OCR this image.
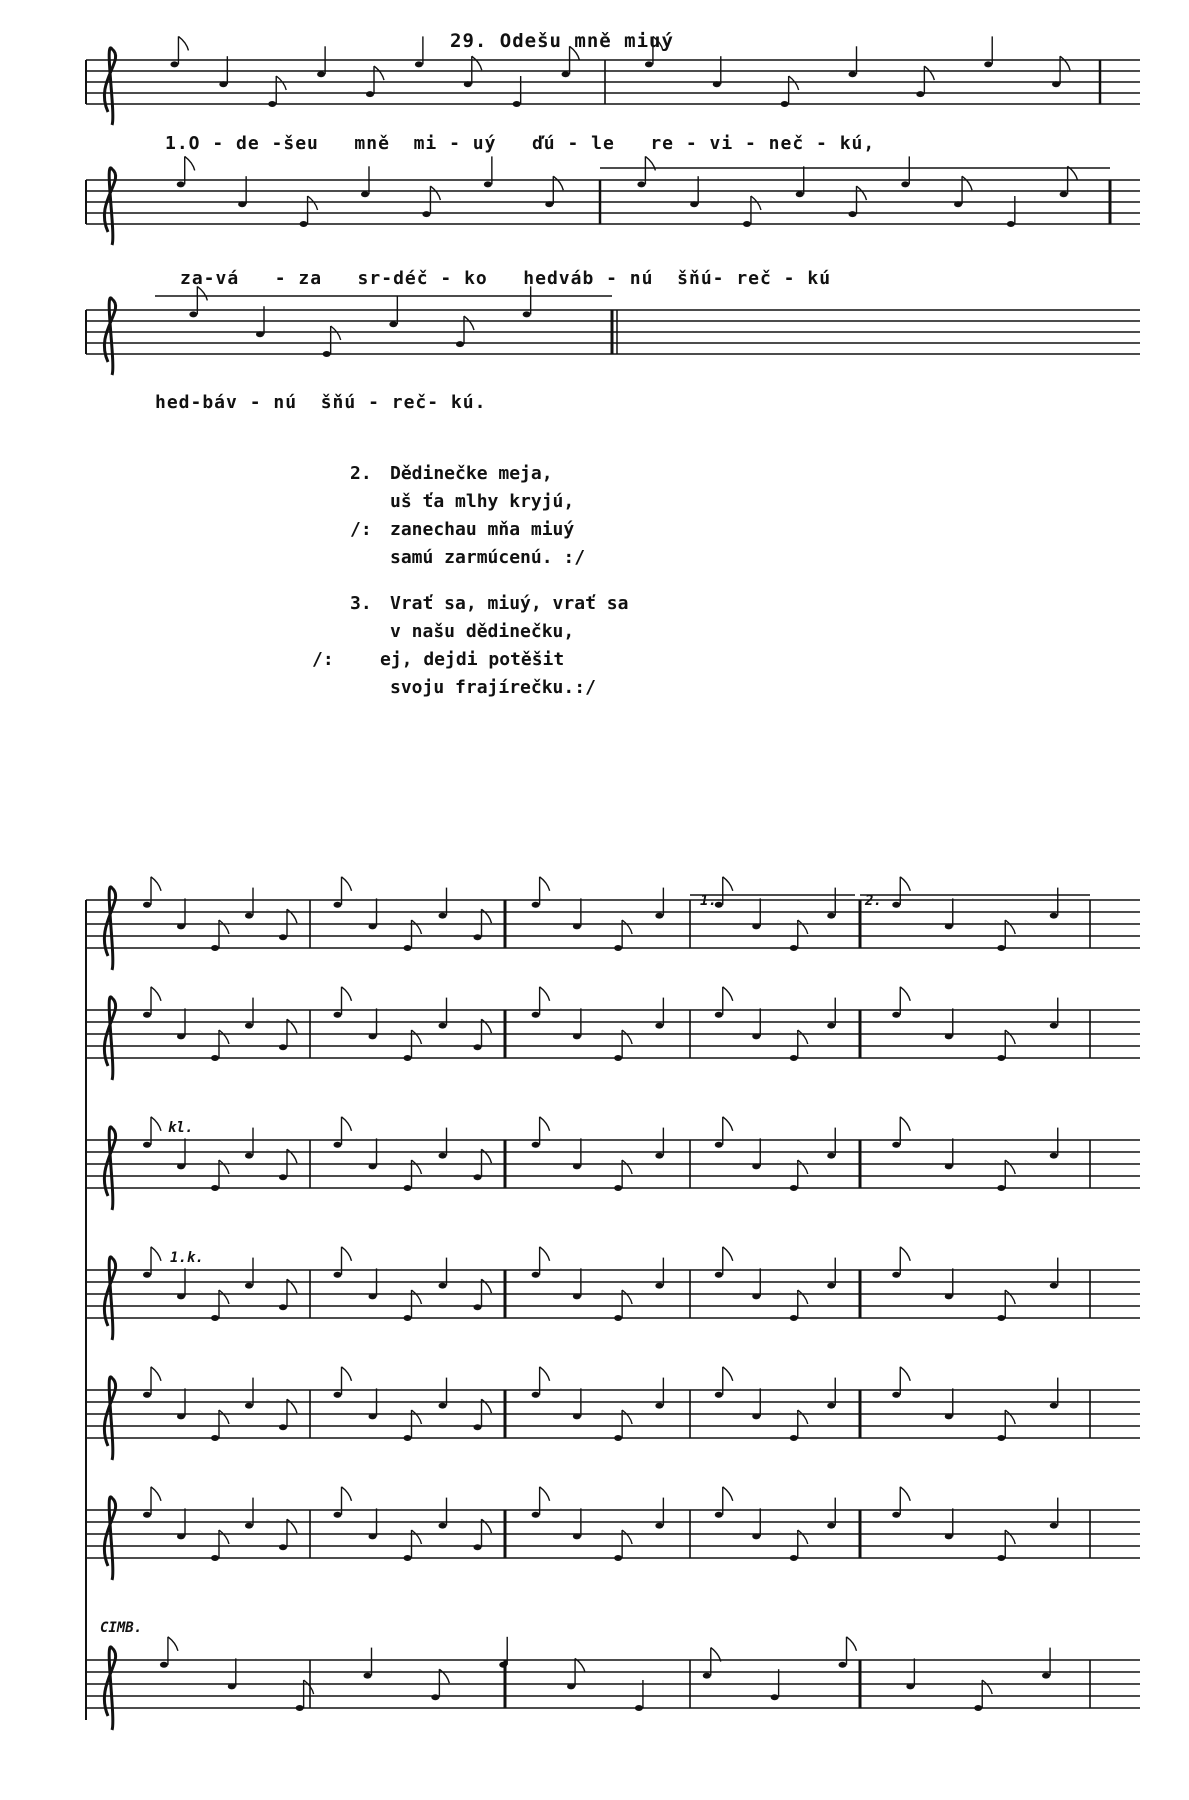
29. Odešu mně miuý
1.O - de -šeu   mně  mi - uý   ďú - le   re - vi - neč - kú,
za-vá   - za   sr-déč - ko   hedváb - nú  šňú- reč - kú
hed-báv - nú  šňú - reč- kú.

2.

Dědinečke meja,

uš ťa mlhy kryjú,

/:

zanechau mňa miuý

samú zarmúcenú. :/

3.

Vrať sa, miuý, vrať sa

v našu dědinečku,

/:

	ej, dejdi potěšit

svoju frajírečku.:/

kl.
1.k.
CIMB.
1.	2.
